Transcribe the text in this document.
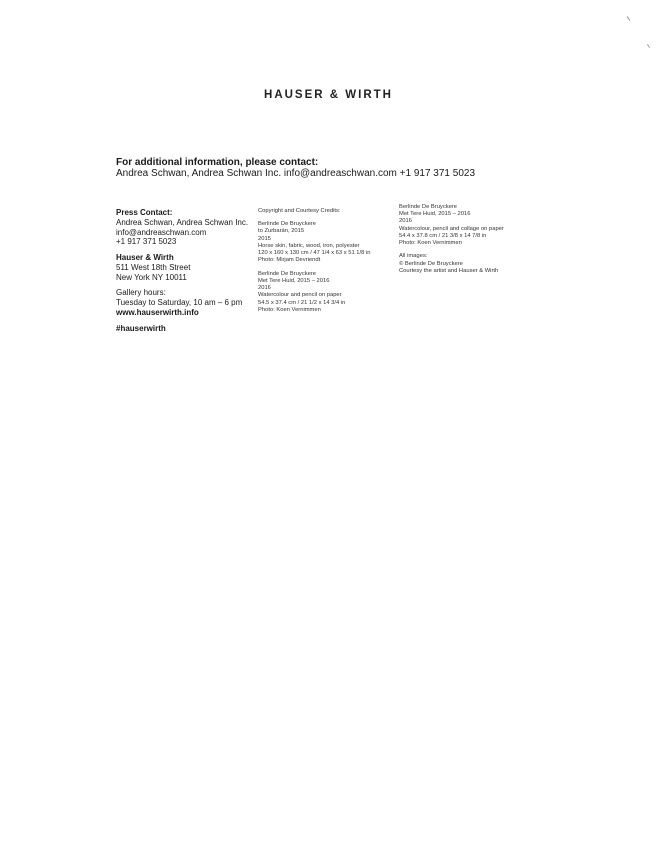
HAUSER & WIRTH
For additional information, please contact:
Andrea Schwan, Andrea Schwan Inc. info@andreaschwan.com +1 917 371 5023
Press Contact:
Andrea Schwan, Andrea Schwan Inc.
info@andreaschwan.com
+1 917 371 5023
Hauser & Wirth
511 West 18th Street
New York NY 10011
Gallery hours:
Tuesday to Saturday, 10 am – 6 pm
www.hauserwirth.info
#hauserwirth
Copyright and Courtesy Credits:
Berlinde De Bruyckere
to Zurbarán, 2015
2015
Horse skin, fabric, wood, iron, polyester
120 x 160 x 130 cm / 47 1/4 x 63 x 51 1/8 in
Photo: Mirjam Devriendt
Berlinde De Bruyckere
Met Tere Huid, 2015 – 2016
2016
Watercolour and pencil on paper
54.5 x 37.4 cm / 21 1/2 x 14 3/4 in
Photo: Koen Vernimmen
Berlinde De Bruyckere
Met Tere Huid, 2015 – 2016
2016
Watercolour, pencil and collage on paper
54.4 x 37.8 cm / 21 3/8 x 14 7/8 in
Photo: Koen Vernimmen
All images:
© Berlinde De Bruyckere
Courtesy the artist and Hauser & Wirth
